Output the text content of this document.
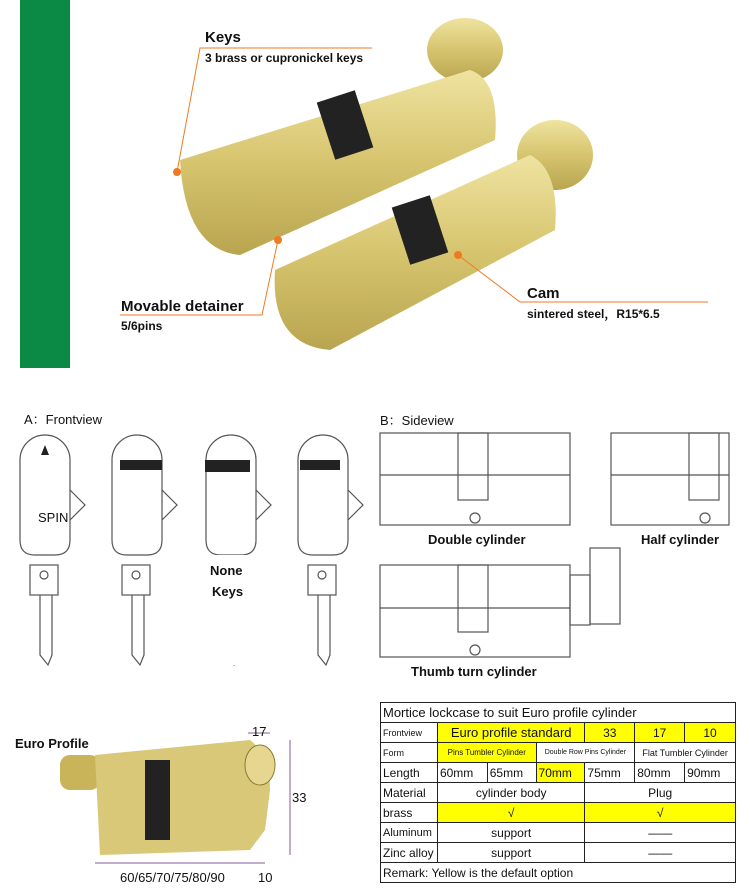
Keys
3 brass or cupronickel keys
Movable detainer
5/6pins
Cam
sintered steel，R15*6.5
A：Frontview
SPIN
None
Keys
B：Sideview
Double cylinder	Half cylinder
Thumb turn cylinder
Euro Profile
17
33
60/65/70/75/80/90	10
Mortice lockcase to suit Euro profile cylinder						
Frontview	Euro profile standard			33	17	10
Form	Pins Tumbler Cylinder		Double Row Pins Cylinder		Flat Tumbler Cylinder	
Length	60mm	65mm	70mm	75mm	80mm	90mm
Material	cylinder body			Plug		
brass	√			√		
Aluminum	support			——		
Zinc alloy	support			——		
Remark: Yellow is the default option						
